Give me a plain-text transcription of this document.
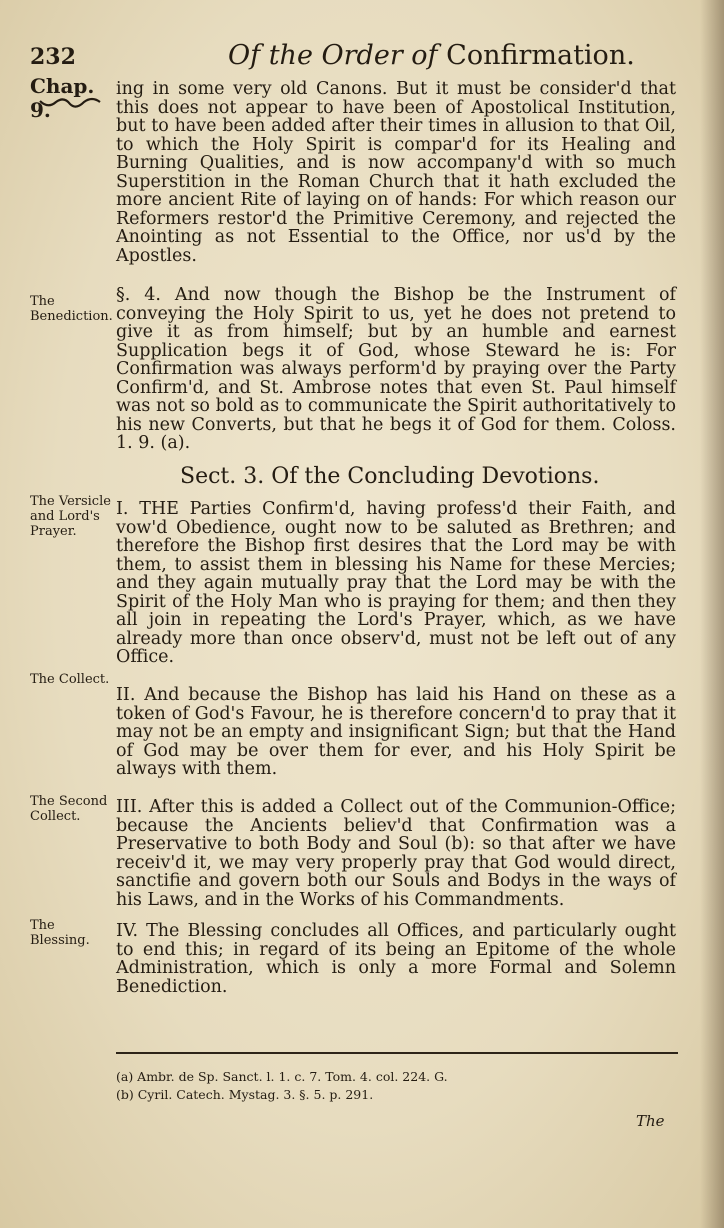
232	Of the Order of Confirmation.
Chap. 9.

ing in some very old Canons. But it must be consider'd that this does not appear to have been of Apostolical Institution, but to have been added after their times in allusion to that Oil, to which the Holy Spirit is compar'd for its Healing and Burning Qualities, and is now accompany'd with so much Superstition in the Roman Church that it hath excluded the more ancient Rite of laying on of hands: For which reason our Reformers restor'd the Primitive Ceremony, and rejected the Anointing as not Essential to the Office, nor us'd by the Apostles.

The Benediction.

§. 4. And now though the Bishop be the Instrument of conveying the Holy Spirit to us, yet he does not pretend to give it as from himself; but by an humble and earnest Supplication begs it of God, whose Steward he is: For Confirmation was always perform'd by praying over the Party Confirm'd, and St. Ambrose notes that even St. Paul himself was not so bold as to communicate the Spirit authoritatively to his new Converts, but that he begs it of God for them. Coloss. 1. 9. (a).

Sect. 3. Of the Concluding Devotions.
The Versicle and Lord's Prayer.

I. THE Parties Confirm'd, having profess'd their Faith, and vow'd Obedience, ought now to be saluted as Brethren; and therefore the Bishop first desires that the Lord may be with them, to assist them in blessing his Name for these Mercies; and they again mutually pray that the Lord may be with the Spirit of the Holy Man who is praying for them; and then they all join in repeating the Lord's Prayer, which, as we have already more than once observ'd, must not be left out of any Office.

The Collect.

II. And because the Bishop has laid his Hand on these as a token of God's Favour, he is therefore concern'd to pray that it may not be an empty and insignificant Sign; but that the Hand of God may be over them for ever, and his Holy Spirit be always with them.

The Second Collect.	III. After this is added a Collect out of the Communion-Office; because the Ancients believ'd that Confirmation was a Preservative to both Body and Soul (b): so that after we have receiv'd it, we may very properly pray that God would direct, sanctifie and govern both our Souls and Bodys in the ways of his Laws, and in the Works of his Commandments.

The Blessing.	IV. The Blessing concludes all Offices, and particularly ought to end this; in regard of its being an Epitome of the whole Administration, which is only a more Formal and Solemn Benediction.

(a) Ambr. de Sp. Sanct. l. 1. c. 7. Tom. 4. col. 224. G.
(b) Cyril. Catech. Mystag. 3. §. 5. p. 291.
The
